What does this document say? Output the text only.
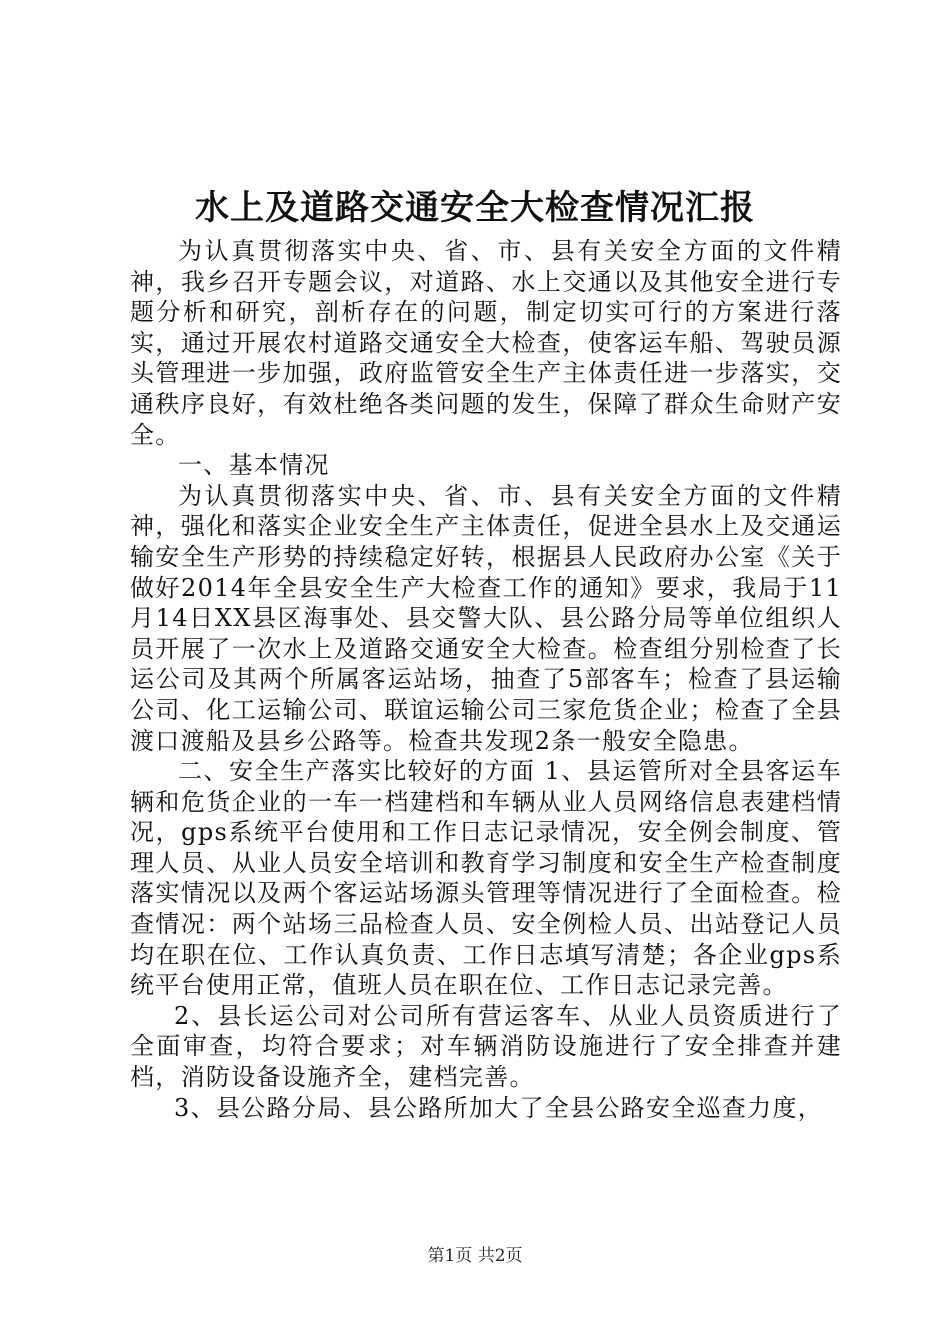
水上及道路交通安全大检查情况汇报

为认真贯彻落实中央、省、市、县有关安全方面的文件精神，我乡召开专题会议，对道路、水上交通以及其他安全进行专题分析和研究，剖析存在的问题，制定切实可行的方案进行落实，通过开展农村道路交通安全大检查，使客运车船、驾驶员源头管理进一步加强，政府监管安全生产主体责任进一步落实，交通秩序良好，有效杜绝各类问题的发生，保障了群众生命财产安全。

一、基本情况

为认真贯彻落实中央、省、市、县有关安全方面的文件精神，强化和落实企业安全生产主体责任，促进全县水上及交通运输安全生产形势的持续稳定好转，根据县人民政府办公室《关于做好2014年全县安全生产大检查工作的通知》要求，我局于11月14日XX县区海事处、县交警大队、县公路分局等单位组织人员开展了一次水上及道路交通安全大检查。检查组分别检查了长运公司及其两个所属客运站场，抽查了5部客车；检查了县运输公司、化工运输公司、联谊运输公司三家危货企业；检查了全县渡口渡船及县乡公路等。检查共发现2条一般安全隐患。

二、安全生产落实比较好的方面 1、县运管所对全县客运车辆和危货企业的一车一档建档和车辆从业人员网络信息表建档情况，gps系统平台使用和工作日志记录情况，安全例会制度、管理人员、从业人员安全培训和教育学习制度和安全生产检查制度落实情况以及两个客运站场源头管理等情况进行了全面检查。检查情况：两个站场三品检查人员、安全例检人员、出站登记人员均在职在位、工作认真负责、工作日志填写清楚；各企业gps系统平台使用正常，值班人员在职在位、工作日志记录完善。

2、县长运公司对公司所有营运客车、从业人员资质进行了全面审查，均符合要求；对车辆消防设施进行了安全排查并建档，消防设备设施齐全，建档完善。

3、县公路分局、县公路所加大了全县公路安全巡查力度，

第1页 共2页
